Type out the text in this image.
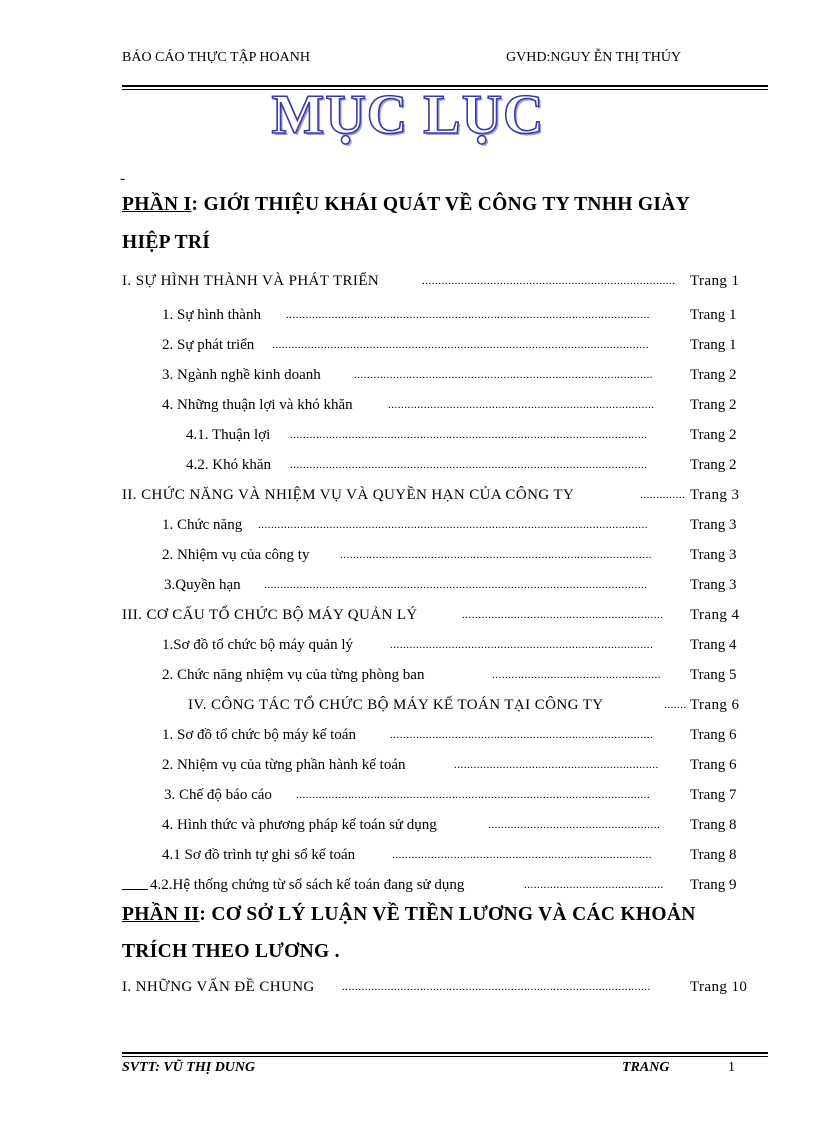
BÁO CÁO THỰC TẬP HOANH	GVHD:NGUY ỄN THỊ THÚY
MỤC LỤC
-
PHẦN I: GIỚI THIỆU KHÁI QUÁT VỀ CÔNG TY TNHH GIÀY
HIỆP TRÍ
I. SỰ HÌNH THÀNH VÀ PHÁT TRIỂN	.............................................................................. Trang 1
1. Sự hình thành ................................................................................................................	Trang 1
2. Sự phát triển ....................................................................................................................	Trang 1
3. Ngành nghề kinh doanh	............................................................................................	Trang 2
4. Những thuận lợi và khó khăn	..................................................................................	Trang 2
4.1. Thuận lợi ..............................................................................................................	Trang 2
4.2. Khó khăn ..............................................................................................................	Trang 2
II. CHỨC NĂNG VÀ NHIỆM VỤ VÀ QUYỀN HẠN CỦA CÔNG TY	.............. Trang 3
1. Chức năng ........................................................................................................................	Trang 3
2. Nhiệm vụ của công ty	................................................................................................	Trang 3
3.Quyền hạn ......................................................................................................................	Trang 3
III. CƠ CẤU TỔ CHỨC BỘ MÁY QUẢN LÝ	..............................................................	Trang 4
1.Sơ đồ tổ chức bộ máy quản lý	.................................................................................	Trang 4
2. Chức năng nhiệm vụ của từng phòng ban	....................................................	Trang 5
IV. CÔNG TÁC TỔ CHỨC BỘ MÁY KẾ TOÁN TẠI CÔNG TY	....... Trang 6
1. Sơ đồ tổ chức bộ máy kế toán	.................................................................................	Trang 6
2. Nhiệm vụ của từng phần hành kế toán	...............................................................	Trang 6
3. Chế độ báo cáo .............................................................................................................	Trang 7
4. Hình thức và phương pháp kế toán sử dụng	.....................................................	Trang 8
4.1 Sơ đồ trình tự ghi sổ kế toán	................................................................................	Trang 8
4.2.Hệ thống chứng từ sổ sách kế toán đang sử dụng	...........................................	Trang 9
I. NHỮNG VẤN ĐỀ CHUNG ...............................................................................................	Trang 10
PHẦN II: CƠ SỞ LÝ LUẬN VỀ TIỀN LƯƠNG VÀ CÁC KHOẢN
TRÍCH THEO LƯƠNG .
SVTT: VŨ THỊ DUNG	TRANG	1
